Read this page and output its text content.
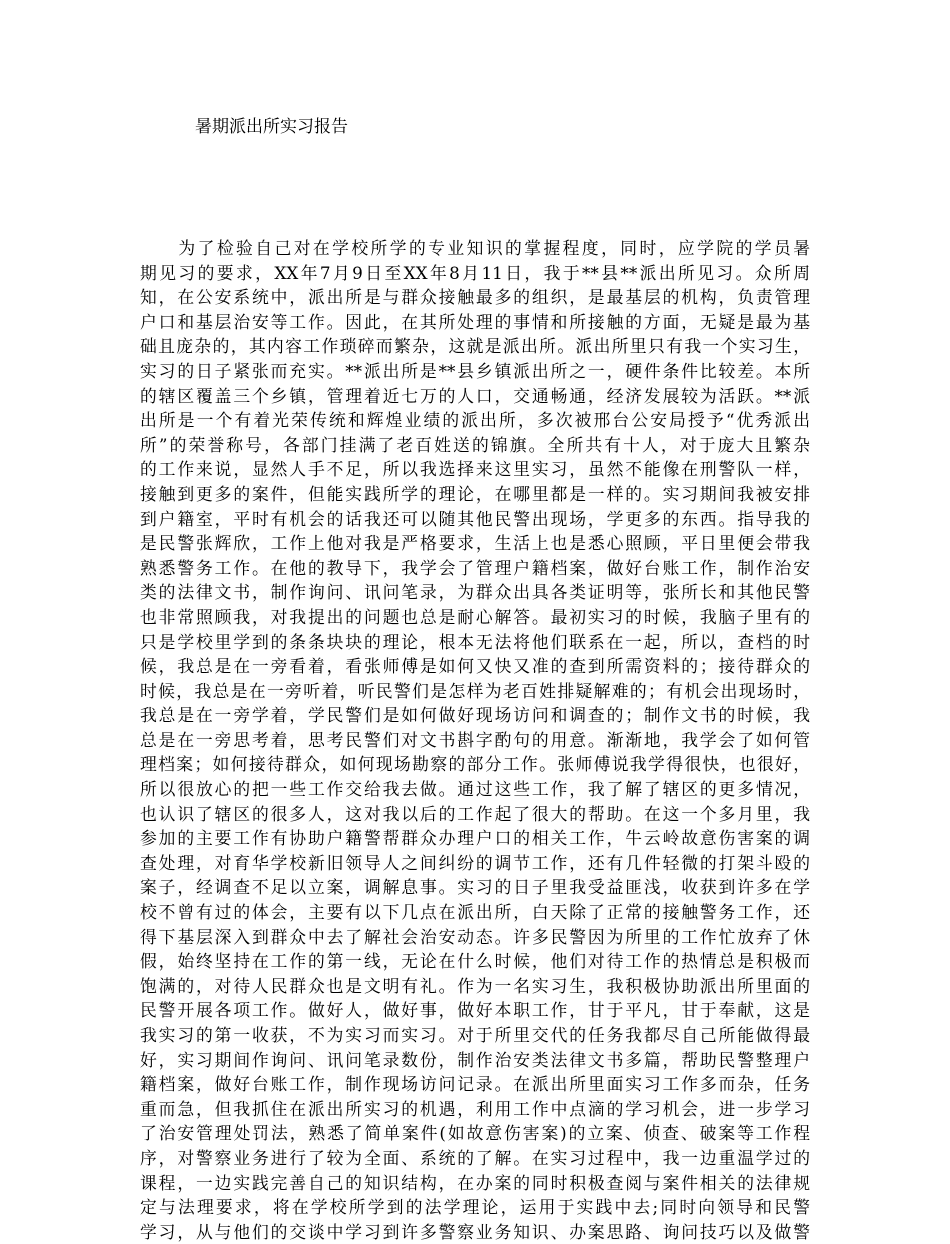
暑期派出所实习报告
　　为了检验自己对在学校所学的专业知识的掌握程度，同时，应学院的学员暑
期见习的要求，XX年7月9日至XX年8月11日，我于**县**派出所见习。众所周
知，在公安系统中，派出所是与群众接触最多的组织，是最基层的机构，负责管理
户口和基层治安等工作。因此，在其所处理的事情和所接触的方面，无疑是最为基
础且庞杂的，其内容工作琐碎而繁杂，这就是派出所。派出所里只有我一个实习生，
实习的日子紧张而充实。**派出所是**县乡镇派出所之一，硬件条件比较差。本所
的辖区覆盖三个乡镇，管理着近七万的人口，交通畅通，经济发展较为活跃。**派
出所是一个有着光荣传统和辉煌业绩的派出所，多次被邢台公安局授予“优秀派出
所”的荣誉称号，各部门挂满了老百姓送的锦旗。全所共有十人，对于庞大且繁杂
的工作来说，显然人手不足，所以我选择来这里实习，虽然不能像在刑警队一样，
接触到更多的案件，但能实践所学的理论，在哪里都是一样的。实习期间我被安排
到户籍室，平时有机会的话我还可以随其他民警出现场，学更多的东西。指导我的
是民警张辉欣，工作上他对我是严格要求，生活上也是悉心照顾，平日里便会带我
熟悉警务工作。在他的教导下，我学会了管理户籍档案，做好台账工作，制作治安
类的法律文书，制作询问、讯问笔录，为群众出具各类证明等，张所长和其他民警
也非常照顾我，对我提出的问题也总是耐心解答。最初实习的时候，我脑子里有的
只是学校里学到的条条块块的理论，根本无法将他们联系在一起，所以，查档的时
候，我总是在一旁看着，看张师傅是如何又快又准的查到所需资料的；接待群众的
时候，我总是在一旁听着，听民警们是怎样为老百姓排疑解难的；有机会出现场时，
我总是在一旁学着，学民警们是如何做好现场访问和调查的；制作文书的时候，我
总是在一旁思考着，思考民警们对文书斟字酌句的用意。渐渐地，我学会了如何管
理档案；如何接待群众，如何现场勘察的部分工作。张师傅说我学得很快，也很好，
所以很放心的把一些工作交给我去做。通过这些工作，我了解了辖区的更多情况，
也认识了辖区的很多人，这对我以后的工作起了很大的帮助。在这一个多月里，我
参加的主要工作有协助户籍警帮群众办理户口的相关工作，牛云岭故意伤害案的调
查处理，对育华学校新旧领导人之间纠纷的调节工作，还有几件轻微的打架斗殴的
案子，经调查不足以立案，调解息事。实习的日子里我受益匪浅，收获到许多在学
校不曾有过的体会，主要有以下几点在派出所，白天除了正常的接触警务工作，还
得下基层深入到群众中去了解社会治安动态。许多民警因为所里的工作忙放弃了休
假，始终坚持在工作的第一线，无论在什么时候，他们对待工作的热情总是积极而
饱满的，对待人民群众也是文明有礼。作为一名实习生，我积极协助派出所里面的
民警开展各项工作。做好人，做好事，做好本职工作，甘于平凡，甘于奉献，这是
我实习的第一收获，不为实习而实习。对于所里交代的任务我都尽自己所能做得最
好，实习期间作询问、讯问笔录数份，制作治安类法律文书多篇，帮助民警整理户
籍档案，做好台账工作，制作现场访问记录。在派出所里面实习工作多而杂，任务
重而急，但我抓住在派出所实习的机遇，利用工作中点滴的学习机会，进一步学习
了治安管理处罚法，熟悉了简单案件(如故意伤害案)的立案、侦查、破案等工作程
序，对警察业务进行了较为全面、系统的了解。在实习过程中，我一边重温学过的
课程，一边实践完善自己的知识结构，在办案的同时积极查阅与案件相关的法律规
定与法理要求，将在学校所学到的法学理论，运用于实践中去;同时向领导和民警
学习，从与他们的交谈中学习到许多警察业务知识、办案思路、询问技巧以及做警
